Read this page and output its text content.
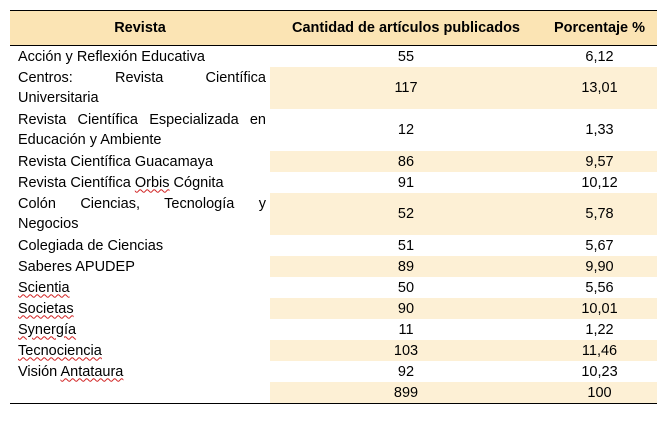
Revista	Cantidad de artículos publicados	Porcentaje %
Acción y Reflexión Educativa	55	6,12
Centros: Revista Científica Universitaria	117	13,01
Revista Científica Especializada en Educación y Ambiente	12	1,33
Revista Científica Guacamaya	86	9,57
Revista Científica Orbis Cógnita	91	10,12
Colón Ciencias, Tecnología y Negocios	52	5,78
Colegiada de Ciencias	51	5,67
Saberes APUDEP	89	9,90
Scientia	50	5,56
Societas	90	10,01
Synergía	11	1,22
Tecnociencia	103	11,46
Visión Antataura	92	10,23
	899	100
